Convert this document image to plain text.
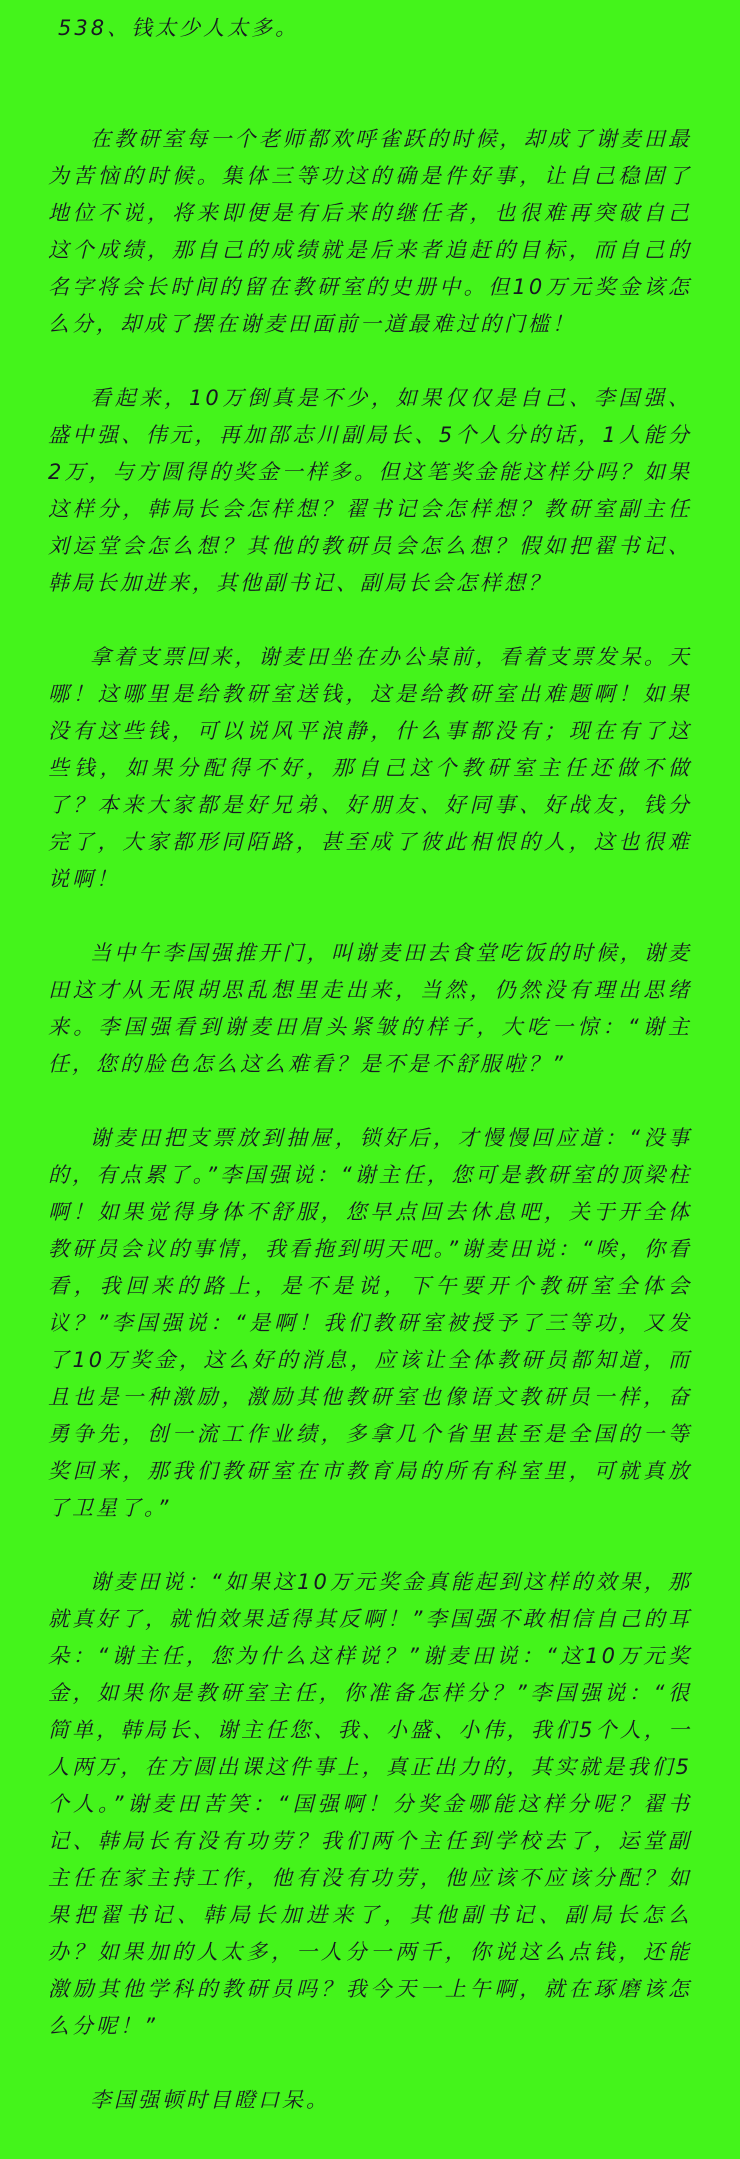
538、钱太少人太多。

在教研室每一个老师都欢呼雀跃的时候，却成了谢麦田最为苦恼的时候。集体三等功这的确是件好事，让自己稳固了地位不说，将来即便是有后来的继任者，也很难再突破自己这个成绩，那自己的成绩就是后来者追赶的目标，而自己的名字将会长时间的留在教研室的史册中。但10万元奖金该怎么分，却成了摆在谢麦田面前一道最难过的门槛！

看起来，10万倒真是不少，如果仅仅是自己、李国强、盛中强、伟元，再加邵志川副局长、5个人分的话，1人能分2万，与方圆得的奖金一样多。但这笔奖金能这样分吗？如果这样分，韩局长会怎样想？翟书记会怎样想？教研室副主任刘运堂会怎么想？其他的教研员会怎么想？假如把翟书记、韩局长加进来，其他副书记、副局长会怎样想？

拿着支票回来，谢麦田坐在办公桌前，看着支票发呆。天哪！这哪里是给教研室送钱，这是给教研室出难题啊！如果没有这些钱，可以说风平浪静，什么事都没有；现在有了这些钱，如果分配得不好，那自己这个教研室主任还做不做了？本来大家都是好兄弟、好朋友、好同事、好战友，钱分完了，大家都形同陌路，甚至成了彼此相恨的人，这也很难说啊！

当中午李国强推开门，叫谢麦田去食堂吃饭的时候，谢麦田这才从无限胡思乱想里走出来，当然，仍然没有理出思绪来。李国强看到谢麦田眉头紧皱的样子，大吃一惊：“谢主任，您的脸色怎么这么难看？是不是不舒服啦？”

谢麦田把支票放到抽屉，锁好后，才慢慢回应道：“没事的，有点累了。”李国强说：“谢主任，您可是教研室的顶梁柱啊！如果觉得身体不舒服，您早点回去休息吧，关于开全体教研员会议的事情，我看拖到明天吧。”谢麦田说：“唉，你看看，我回来的路上，是不是说，下午要开个教研室全体会议？”李国强说：“是啊！我们教研室被授予了三等功，又发了10万奖金，这么好的消息，应该让全体教研员都知道，而且也是一种激励，激励其他教研室也像语文教研员一样，奋勇争先，创一流工作业绩，多拿几个省里甚至是全国的一等奖回来，那我们教研室在市教育局的所有科室里，可就真放了卫星了。”

谢麦田说：“如果这10万元奖金真能起到这样的效果，那就真好了，就怕效果适得其反啊！”李国强不敢相信自己的耳朵：“谢主任，您为什么这样说？”谢麦田说：“这10万元奖金，如果你是教研室主任，你准备怎样分？”李国强说：“很简单，韩局长、谢主任您、我、小盛、小伟，我们5个人，一人两万，在方圆出课这件事上，真正出力的，其实就是我们5个人。”谢麦田苦笑：“国强啊！分奖金哪能这样分呢？翟书记、韩局长有没有功劳？我们两个主任到学校去了，运堂副主任在家主持工作，他有没有功劳，他应该不应该分配？如果把翟书记、韩局长加进来了，其他副书记、副局长怎么办？如果加的人太多，一人分一两千，你说这么点钱，还能激励其他学科的教研员吗？我今天一上午啊，就在琢磨该怎么分呢！”

李国强顿时目瞪口呆。
